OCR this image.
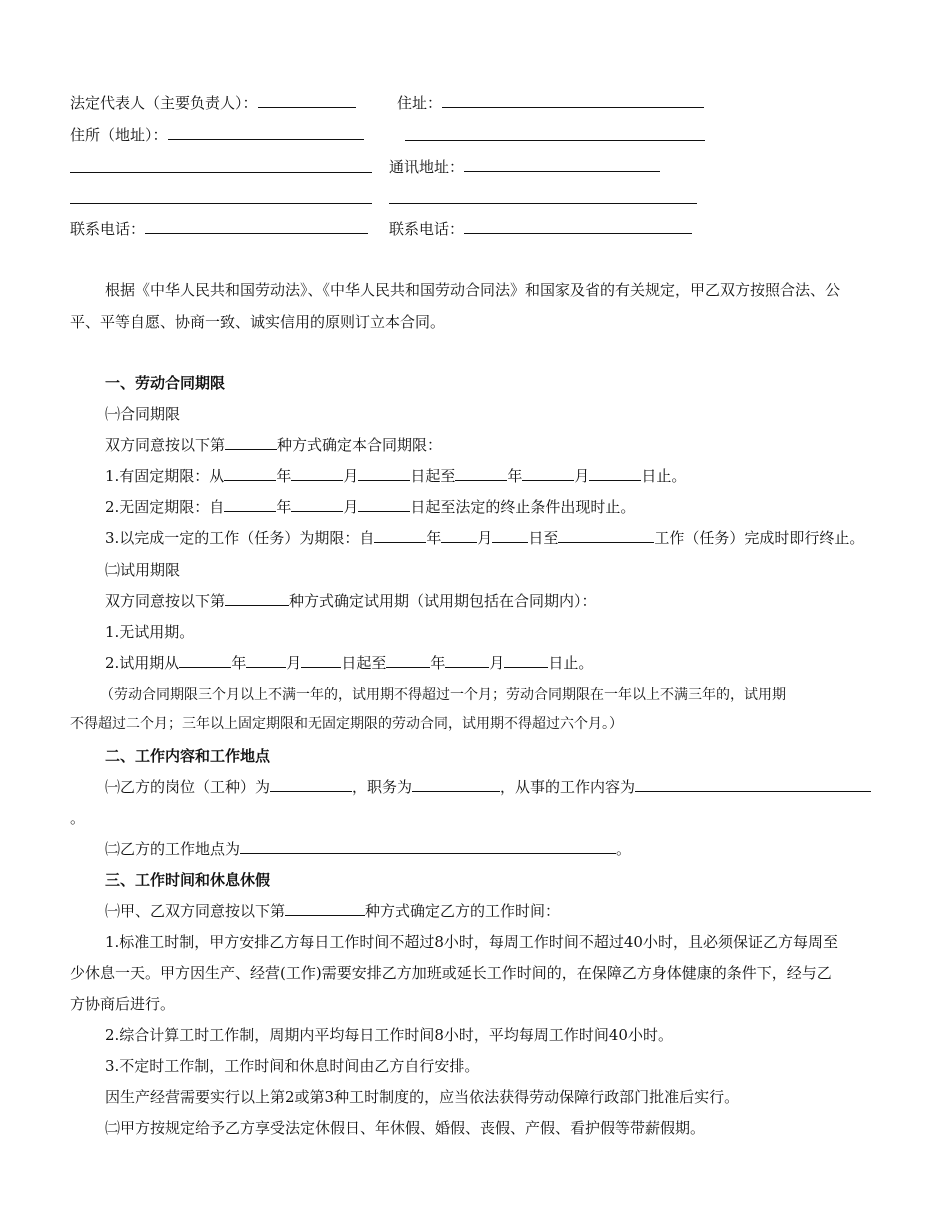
法定代表人（主要负责人）：	住址：
住所（地址）：
通讯地址：
联系电话：	联系电话：
根据《中华人民共和国劳动法》、《中华人民共和国劳动合同法》和国家及省的有关规定，甲乙双方按照合法、公
平、平等自愿、协商一致、诚实信用的原则订立本合同。
一、劳动合同期限
㈠合同期限
双方同意按以下第	种方式确定本合同期限：
1.有固定期限：从	年	月	日起至	年	月	日止。
2.无固定期限：自	年	月	日起至法定的终止条件出现时止。
3.以完成一定的工作（任务）为期限：自	年 月 日至	工作（任务）完成时即行终止。
㈡试用期限
双方同意按以下第	种方式确定试用期（试用期包括在合同期内）：
1.无试用期。
2.试用期从	年	月	日起至	年	月	日止。
（劳动合同期限三个月以上不满一年的，试用期不得超过一个月；劳动合同期限在一年以上不满三年的，试用期
不得超过二个月；三年以上固定期限和无固定期限的劳动合同，试用期不得超过六个月。）
二、工作内容和工作地点
㈠乙方的岗位（工种）为	，职务为	，从事的工作内容为
。
㈡乙方的工作地点为	。
三、工作时间和休息休假
㈠甲、乙双方同意按以下第	种方式确定乙方的工作时间：
1.标准工时制，甲方安排乙方每日工作时间不超过8小时，每周工作时间不超过40小时，且必须保证乙方每周至
少休息一天。甲方因生产、经营(工作)需要安排乙方加班或延长工作时间的，在保障乙方身体健康的条件下，经与乙
方协商后进行。
2.综合计算工时工作制，周期内平均每日工作时间8小时，平均每周工作时间40小时。
3.不定时工作制，工作时间和休息时间由乙方自行安排。
因生产经营需要实行以上第2或第3种工时制度的，应当依法获得劳动保障行政部门批准后实行。
㈡甲方按规定给予乙方享受法定休假日、年休假、婚假、丧假、产假、看护假等带薪假期。
